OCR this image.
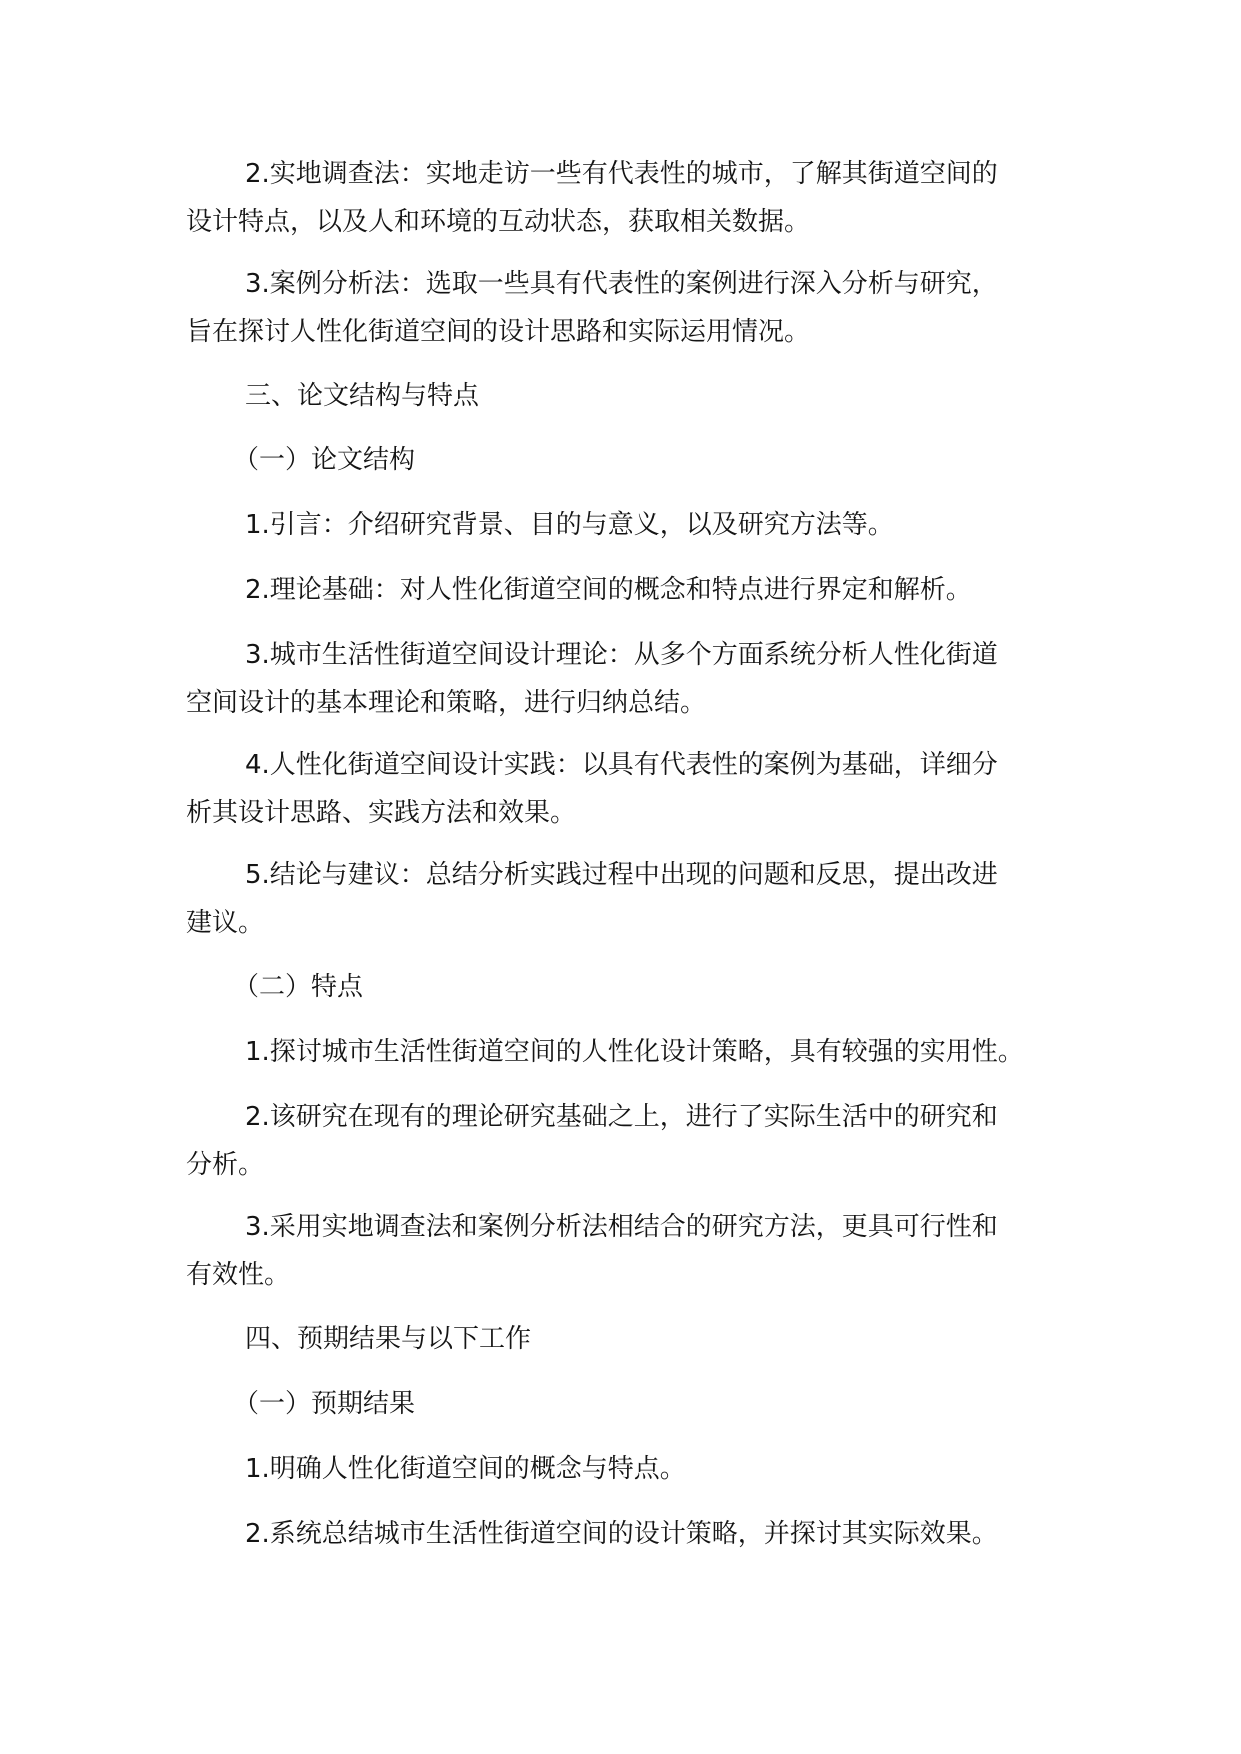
2.实地调查法：实地走访一些有代表性的城市，了解其街道空间的
设计特点，以及人和环境的互动状态，获取相关数据。

3.案例分析法：选取一些具有代表性的案例进行深入分析与研究，
旨在探讨人性化街道空间的设计思路和实际运用情况。

三、论文结构与特点

（一）论文结构

1.引言：介绍研究背景、目的与意义，以及研究方法等。

2.理论基础：对人性化街道空间的概念和特点进行界定和解析。

3.城市生活性街道空间设计理论：从多个方面系统分析人性化街道
空间设计的基本理论和策略，进行归纳总结。

4.人性化街道空间设计实践：以具有代表性的案例为基础，详细分
析其设计思路、实践方法和效果。

5.结论与建议：总结分析实践过程中出现的问题和反思，提出改进
建议。

（二）特点

1.探讨城市生活性街道空间的人性化设计策略，具有较强的实用性。

2.该研究在现有的理论研究基础之上，进行了实际生活中的研究和
分析。

3.采用实地调查法和案例分析法相结合的研究方法，更具可行性和
有效性。

四、预期结果与以下工作

（一）预期结果

1.明确人性化街道空间的概念与特点。

2.系统总结城市生活性街道空间的设计策略，并探讨其实际效果。
